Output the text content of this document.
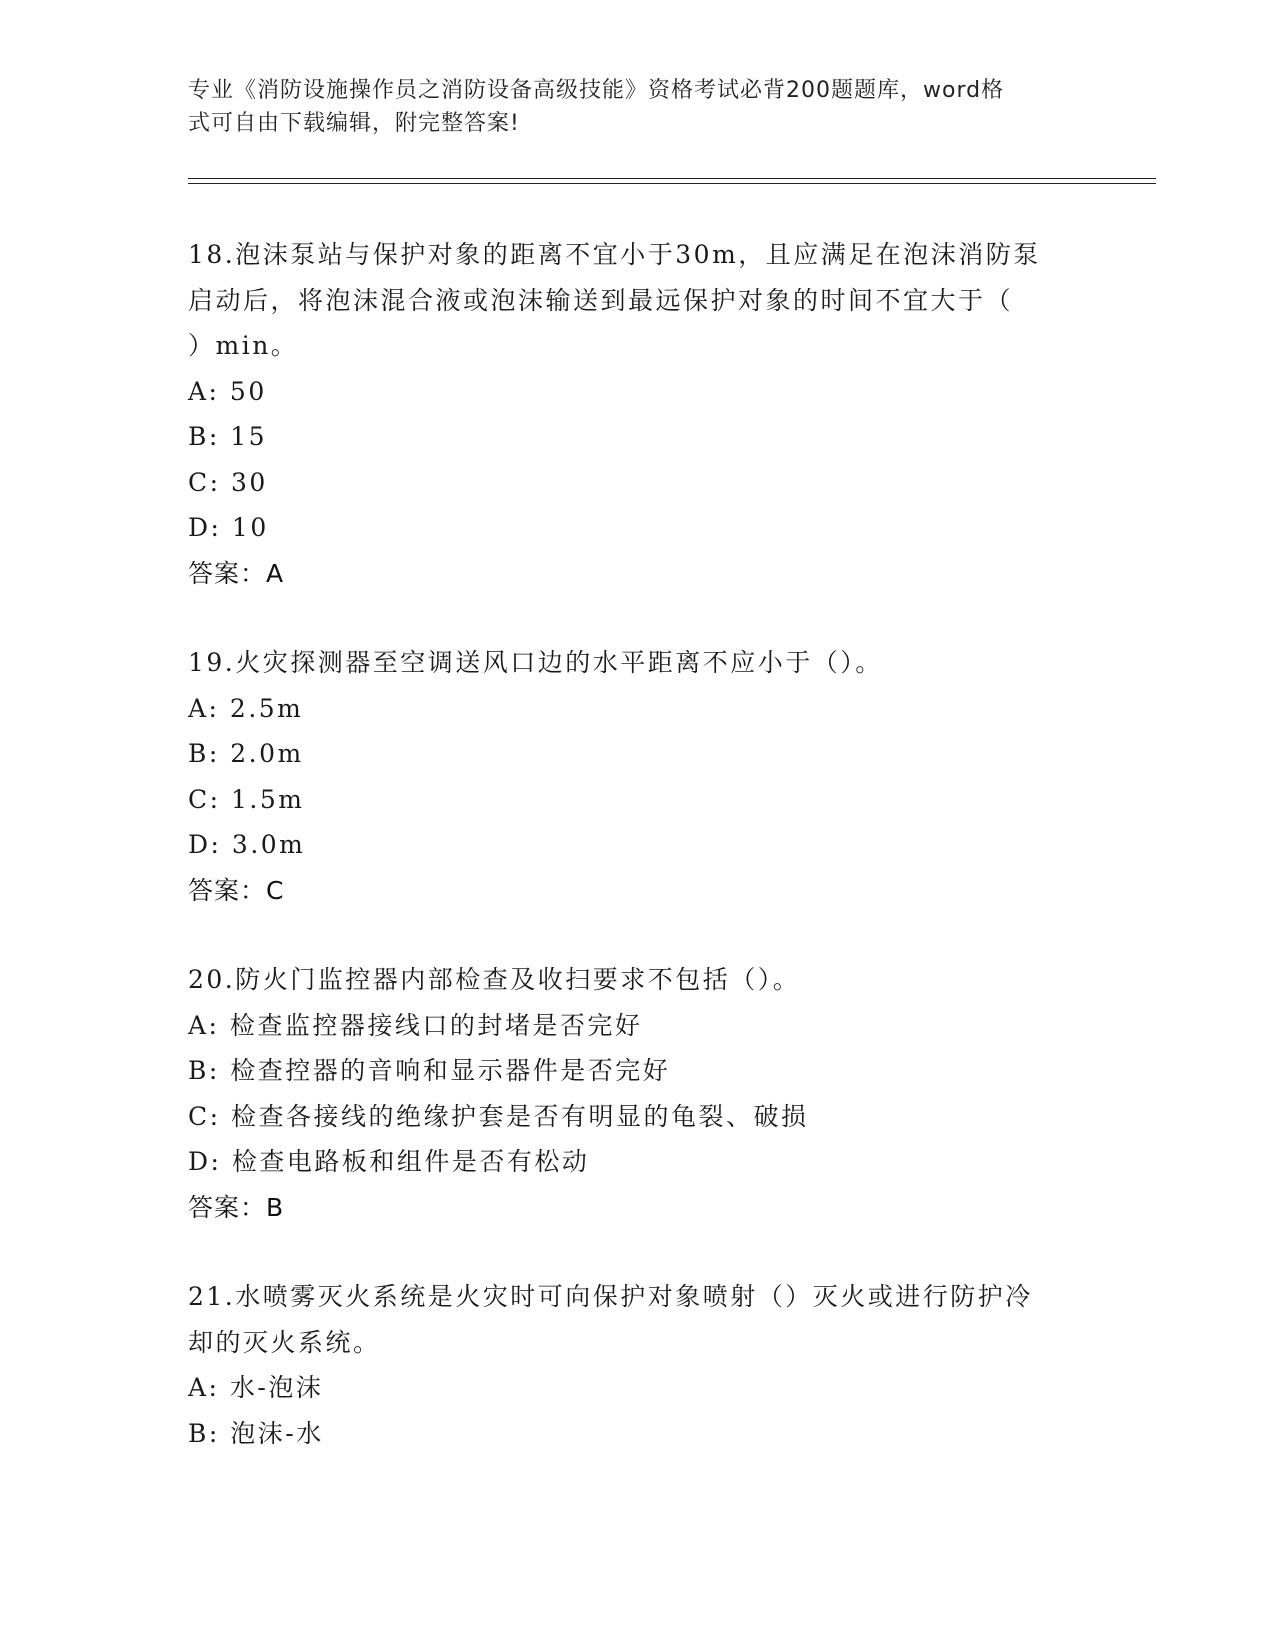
专业《消防设施操作员之消防设备高级技能》资格考试必背200题题库，word格
式可自由下载编辑，附完整答案!
18.泡沫泵站与保护对象的距离不宜小于30m，且应满足在泡沫消防泵
启动后，将泡沫混合液或泡沫输送到最远保护对象的时间不宜大于（
）min。
A: 50
B: 15
C: 30
D: 10
答案：A
19.火灾探测器至空调送风口边的水平距离不应小于（）。
A: 2.5m
B: 2.0m
C: 1.5m
D: 3.0m
答案：C
20.防火门监控器内部检查及收扫要求不包括（）。
A: 检查监控器接线口的封堵是否完好
B: 检查控器的音响和显示器件是否完好
C: 检查各接线的绝缘护套是否有明显的龟裂、破损
D: 检查电路板和组件是否有松动
答案：B
21.水喷雾灭火系统是火灾时可向保护对象喷射（）灭火或进行防护冷
却的灭火系统。
A: 水-泡沫
B: 泡沫-水
